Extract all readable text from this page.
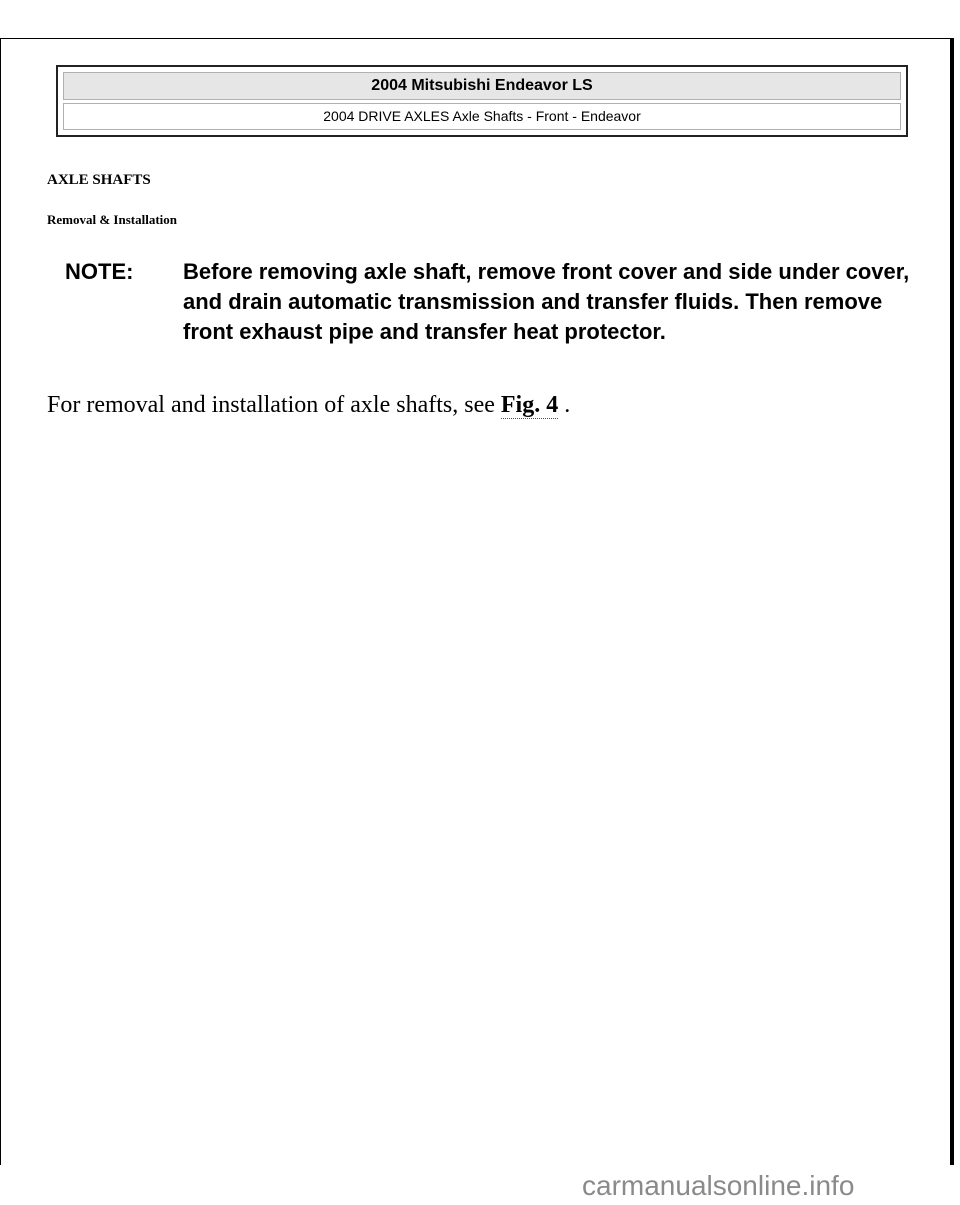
2004 Mitsubishi Endeavor LS
2004 DRIVE AXLES Axle Shafts - Front - Endeavor
AXLE SHAFTS
Removal & Installation
NOTE: Before removing axle shaft, remove front cover and side under cover, and drain automatic transmission and transfer fluids. Then remove front exhaust pipe and transfer heat protector.
For removal and installation of axle shafts, see Fig. 4 .
carmanualsonline.info
